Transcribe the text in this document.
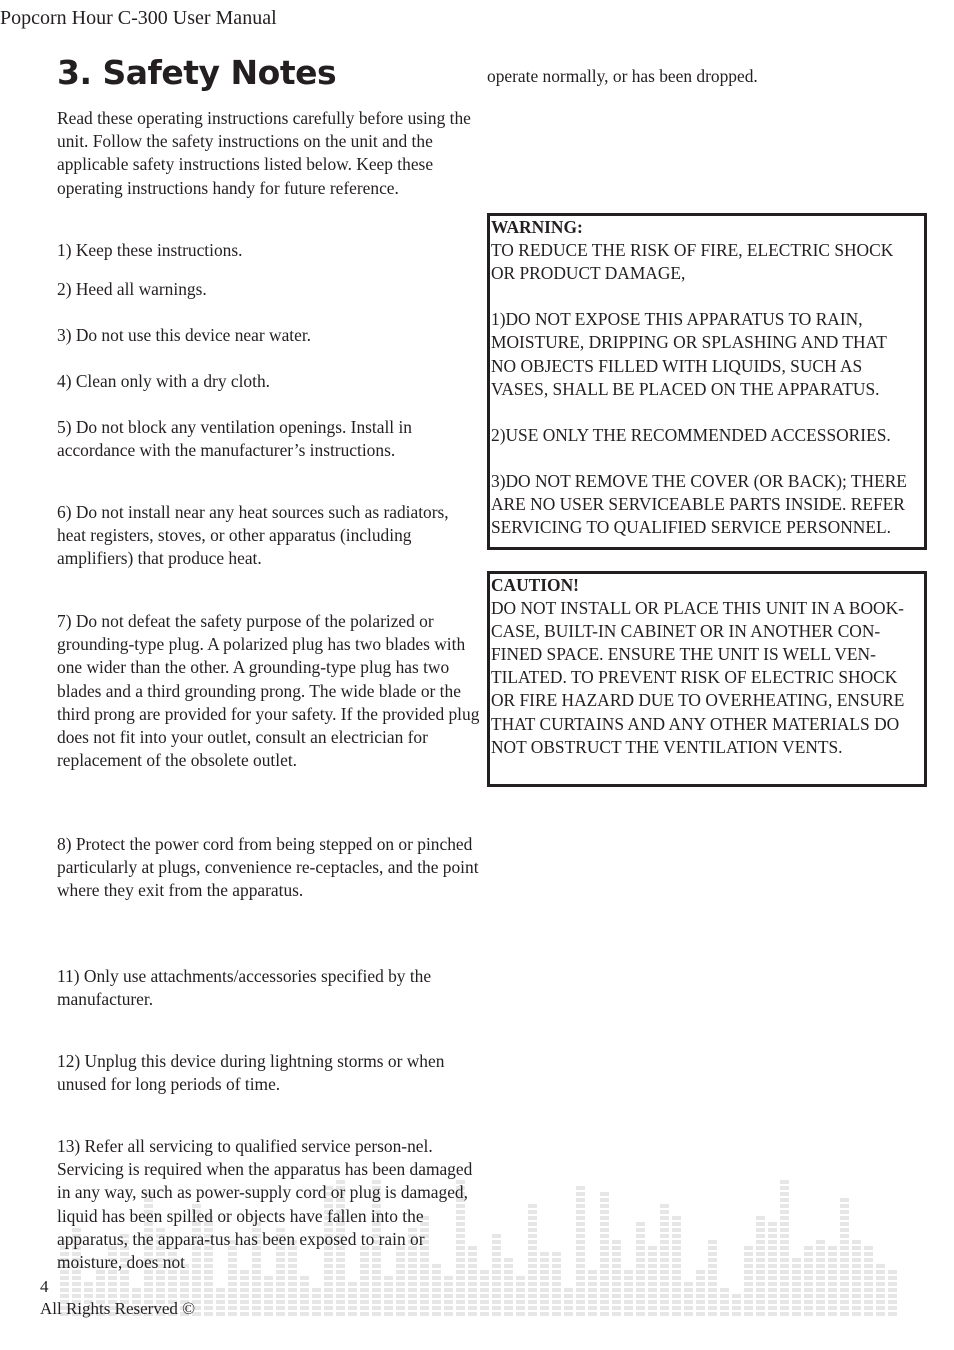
Popcorn Hour C-300 User Manual
3. Safety Notes
Read these operating instructions carefully before using the unit. Follow the safety instructions on the unit and the applicable safety instructions listed below. Keep these operating instructions handy for future reference.
1) Keep these instructions.
2) Heed all warnings.
3) Do not use this device near water.
4) Clean only with a dry cloth.
5) Do not block any ventilation openings. Install in accordance with the manufacturer’s instructions.
6) Do not install near any heat sources such as radiators, heat registers, stoves, or other apparatus (including amplifiers) that produce heat.
7) Do not defeat the safety purpose of the polarized or grounding-type plug. A polarized plug has two blades with one wider than the other. A grounding-type plug has two blades and a third grounding prong. The wide blade or the third prong are provided for your safety. If the provided plug does not fit into your outlet, consult an electrician for replacement of the obsolete outlet.
8) Protect the power cord from being stepped on or pinched particularly at plugs, convenience re-ceptacles, and the point where they exit from the apparatus.
11) Only use attachments/accessories specified by the manufacturer.
12) Unplug this device during lightning storms or when unused for long periods of time.
13) Refer all servicing to qualified service person-nel. Servicing is required when the apparatus has been damaged in any way, such as power-supply cord or plug is damaged, liquid has been spilled or objects have fallen into the apparatus, the appara-tus has been exposed to rain or moisture, does not
operate normally, or has been dropped.
WARNING:
TO REDUCE THE RISK OF FIRE, ELECTRIC SHOCK
OR PRODUCT DAMAGE,
1)DO NOT EXPOSE THIS APPARATUS TO RAIN,
MOISTURE, DRIPPING OR SPLASHING AND THAT
NO OBJECTS FILLED WITH LIQUIDS, SUCH AS
VASES, SHALL BE PLACED ON THE APPARATUS.
2)USE ONLY THE RECOMMENDED ACCESSORIES.
3)DO NOT REMOVE THE COVER (OR BACK); THERE
ARE NO USER SERVICEABLE PARTS INSIDE. REFER
SERVICING TO QUALIFIED SERVICE PERSONNEL.
CAUTION!
DO NOT INSTALL OR PLACE THIS UNIT IN A BOOK-
CASE, BUILT-IN CABINET OR IN ANOTHER CON-
FINED SPACE. ENSURE THE UNIT IS WELL VEN-
TILATED. TO PREVENT RISK OF ELECTRIC SHOCK
OR FIRE HAZARD DUE TO OVERHEATING, ENSURE
THAT CURTAINS AND ANY OTHER MATERIALS DO
NOT OBSTRUCT THE VENTILATION VENTS.
4
All Rights Reserved ©
